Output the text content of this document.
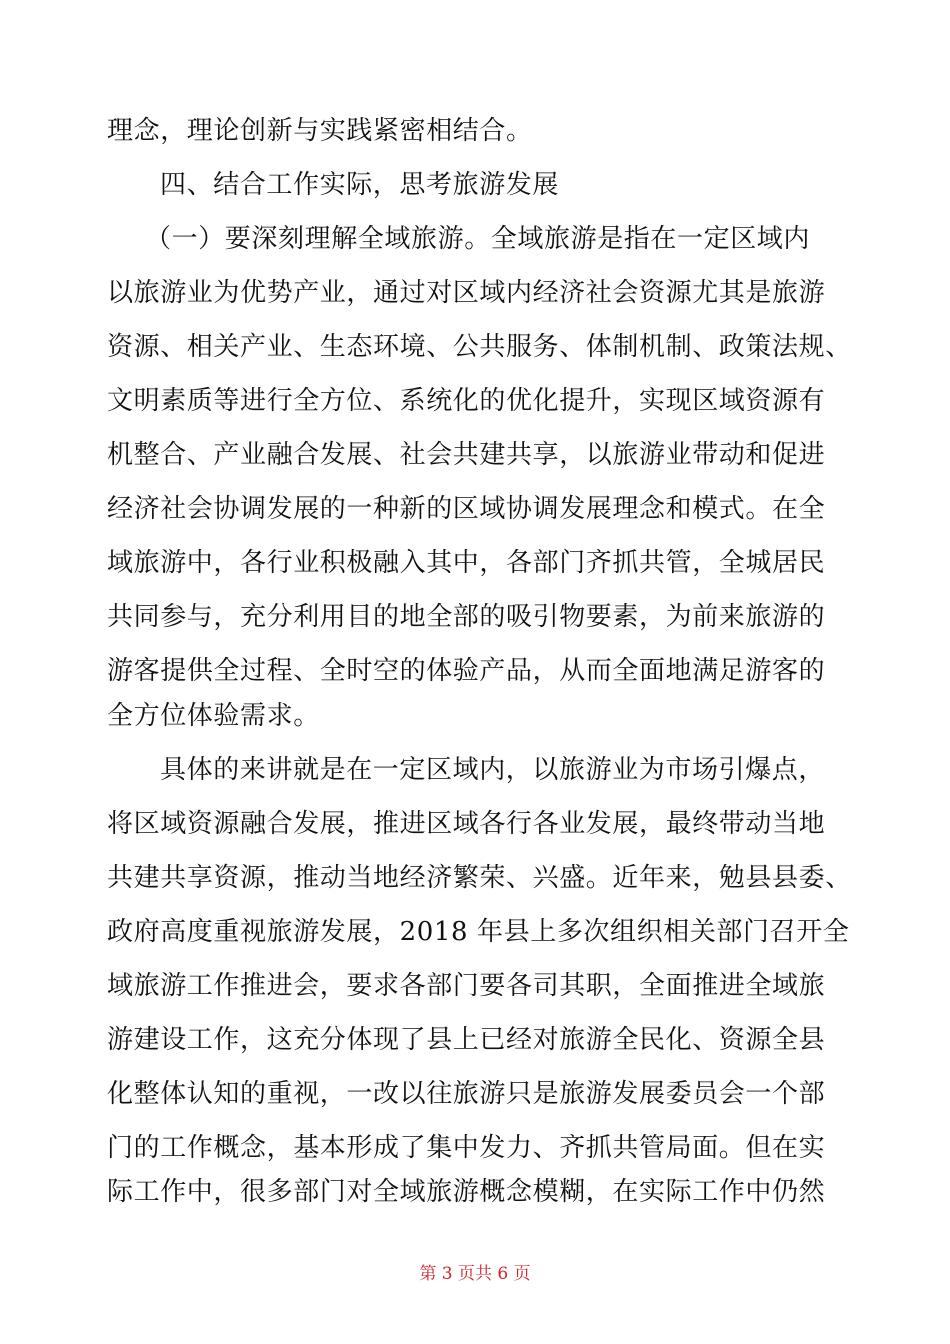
理念，理论创新与实践紧密相结合。
四、结合工作实际，思考旅游发展
（一）要深刻理解全域旅游。全域旅游是指在一定区域内
以旅游业为优势产业，通过对区域内经济社会资源尤其是旅游
资源、相关产业、生态环境、公共服务、体制机制、政策法规、
文明素质等进行全方位、系统化的优化提升，实现区域资源有
机整合、产业融合发展、社会共建共享，以旅游业带动和促进
经济社会协调发展的一种新的区域协调发展理念和模式。在全
域旅游中，各行业积极融入其中，各部门齐抓共管，全城居民
共同参与，充分利用目的地全部的吸引物要素，为前来旅游的
游客提供全过程、全时空的体验产品，从而全面地满足游客的
全方位体验需求。
具体的来讲就是在一定区域内，以旅游业为市场引爆点，
将区域资源融合发展，推进区域各行各业发展，最终带动当地
共建共享资源，推动当地经济繁荣、兴盛。近年来，勉县县委、
政府高度重视旅游发展，2018 年县上多次组织相关部门召开全
域旅游工作推进会，要求各部门要各司其职，全面推进全域旅
游建设工作，这充分体现了县上已经对旅游全民化、资源全县
化整体认知的重视，一改以往旅游只是旅游发展委员会一个部
门的工作概念，基本形成了集中发力、齐抓共管局面。但在实
际工作中，很多部门对全域旅游概念模糊，在实际工作中仍然
第 3 页共 6 页
